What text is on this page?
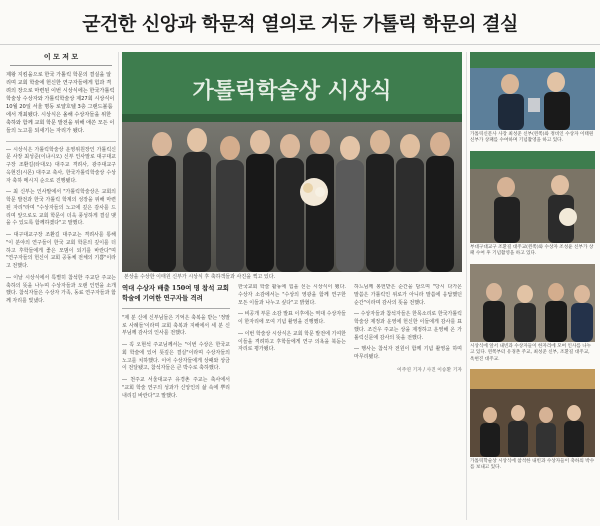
굳건한 신앙과 학문적 열의로 거둔 가톨릭 학문의 결실
이 모 저 모
제왕 지킴을으로 한국 가톨릭 학문의 결실을 알리며 교회 학술에 헌신한 연구자들에게 힘과 격려의 장으로 마련된 이번 시상식에는 한국가톨릭학술상 수상자와 가톨릭학술상 제27회 시상식이 10월 20일 서울 명동 로얄호텔 3층 그랜드볼룸에서 개최됐다. 시상식은 올해 수상자들을 위한 축하와 함께 교회 학문 발전을 위해 애쓴 모든 이들의 노고를 되새기는 자리가 됐다.

― 시상식은 가톨릭학술상 운영위원장인 가톨릭신문 사장 최성준(이냐시오) 신부 인사말로 대구대교구장 조환길(타대오) 대주교 격려사, 광주대교구 옥현진(시몬) 대주교 축사, 한국가톨릭학술상 수상자 축하 메시지 순으로 진행됐다.

― 최 신부는 인사말에서 "가톨릭학술상은 교회의 학문 발전과 한국 가톨릭 학계의 성장을 위해 마련된 자리"라며 "수상자들의 노고에 깊은 감사를 드리며 앞으로도 교회 학문이 더욱 풍성하게 결실 맺을 수 있도록 함께하겠다"고 말했다.

― 대구대교구장 조환길 대주교는 격려사를 통해 "이 분야의 연구들이 한국 교회 학문의 깊이를 더하고 후학들에게 좋은 모범이 되기를 바란다"며 "연구자들의 헌신이 교회 공동체 전체의 기쁨"이라고 전했다.

― 이날 시상식에서 특별히 참석한 주교단 주교는 축하의 뜻을 나누며 수상자들과 오랜 인연을 소개했다. 참석자들은 수상자 가족, 동료 연구자들과 함께 자리를 빛냈다.

가톨릭학술상 시상식
본상을 수상한 이태원 신부가 시상식 후 축하객들과 사진을 찍고 있다.
역대 수상자 배출 150여 명 참석 교회 학술에 기여한 연구자들 격려

"제 분 신에 신부님들은 기억은 축복을 받는 '정말로 사례들'이라며 교회 축복과 지해에서 세 분 신부님께 감사의 인사를 전했다.

― 꼭 오현석 주교님께서는 "이번 수상은 한국교회 학술에 있어 뜻깊은 결실"이라며 수상자들의 노고를 치하했다. 이어 수상자들에게 상패와 상금이 전달됐고, 참석자들은 큰 박수로 축하했다.

― 천주교 서울대교구 유경촌 주교는 축사에서 "교회 학술 연구의 성과가 신앙인의 삶 속에 뿌리내리길 바란다"고 말했다.

한국교회 학술 활동에 힘을 싣는 시상식이 됐다. 수상자 소감에서는 "수상의 영광을 함께 연구한 모든 이들과 나누고 싶다"고 밝혔다.

― 비공개 부문 소감 발표 이후에는 역대 수상자들이 한자리에 모여 기념 촬영을 진행했다.

― 이번 학술상 시상식은 교회 학문 발전에 기여한 이들을 격려하고 후학들에게 연구 의욕을 북돋는 자리로 평가됐다.

하느님께 봉헌받은 순간을 담으며 "당시 다가온 말씀은 가톨릭인 위로가 아니라 말씀에 응답했던 순간"이라며 감사의 뜻을 전했다.

― 수상자들과 참석자들은 한목소리로 한국가톨릭학술상 제정과 운영에 헌신한 이들에게 감사를 표했다. 조건우 주교는 상을 제정하고 운영해 온 가톨릭신문에 감사의 뜻을 전했다.

― 행사는 참석자 전원이 함께 기념 촬영을 하며 마무리됐다.

이주연 기자 / 사진 이승환 기자
가톨릭신문사 사장 최성준 신부(왼쪽)와 정비인 수상자 이태원 신부가 상패를 수여하며 기념촬영을 하고 있다.
부대구대교구 조환길 대주교(왼쪽)와 수상자 조성윤 신부가 상패 수여 후 기념촬영을 하고 있다.
시상식에 앞서 내빈과 수상자들이 한자리에 모여 인사를 나누고 있다. 왼쪽부터 유경촌 주교, 최성준 신부, 조환길 대주교, 옥현진 대주교.
가톨릭학술상 시상식에 참석한 내빈과 수상자들이 축하의 박수를 보내고 있다.
